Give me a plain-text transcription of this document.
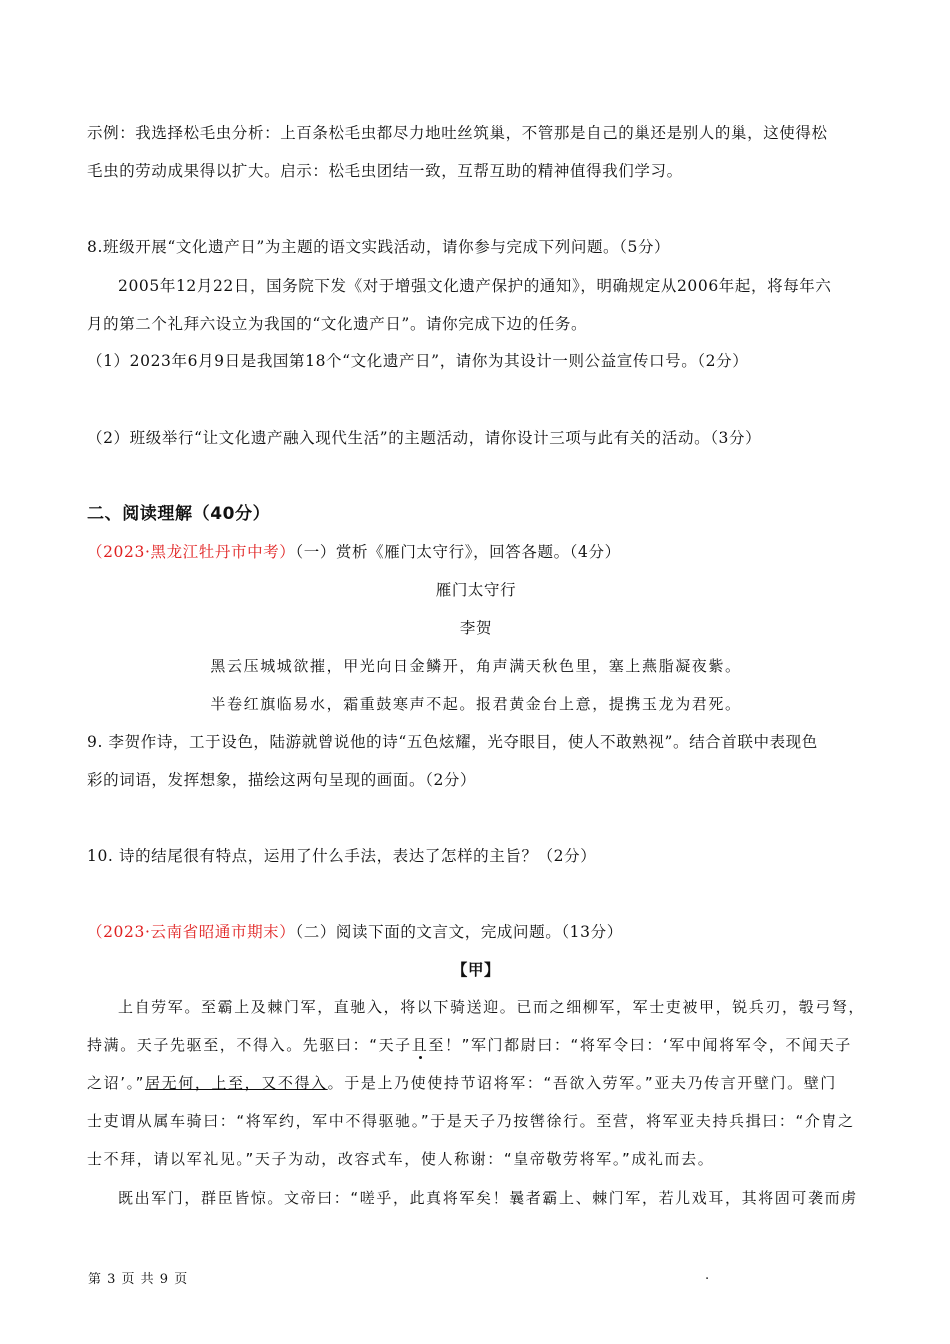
示例：我选择松毛虫分析：上百条松毛虫都尽力地吐丝筑巢，不管那是自己的巢还是别人的巢，这使得松
毛虫的劳动成果得以扩大。启示：松毛虫团结一致，互帮互助的精神值得我们学习。
8.班级开展“文化遗产日”为主题的语文实践活动，请你参与完成下列问题。（5分）
2005年12月22日，国务院下发《对于增强文化遗产保护的通知》，明确规定从2006年起，将每年六
月的第二个礼拜六设立为我国的“文化遗产日”。请你完成下边的任务。
（1）2023年6月9日是我国第18个“文化遗产日”，请你为其设计一则公益宣传口号。（2分）
（2）班级举行“让文化遗产融入现代生活”的主题活动，请你设计三项与此有关的活动。（3分）
二、阅读理解（40分）
（2023·黑龙江牡丹市中考）（一）赏析《雁门太守行》，回答各题。（4分）
雁门太守行
李贺
黑云压城城欲摧，甲光向日金鳞开，角声满天秋色里，塞上燕脂凝夜紫。
半卷红旗临易水，霜重鼓寒声不起。报君黄金台上意，提携玉龙为君死。
9. 李贺作诗，工于设色，陆游就曾说他的诗“五色炫耀，光夺眼目，使人不敢熟视”。结合首联中表现色
彩的词语，发挥想象，描绘这两句呈现的画面。（2分）
10. 诗的结尾很有特点，运用了什么手法，表达了怎样的主旨？（2分）
（2023·云南省昭通市期末）（二）阅读下面的文言文，完成问题。（13分）
【甲】
上自劳军。至霸上及棘门军，直驰入，将以下骑送迎。已而之细柳军，军士吏被甲，锐兵刃，彀弓弩，
持满。天子先驱至，不得入。先驱曰：“天子且至！”军门都尉曰：“将军令曰：‘军中闻将军令，不闻天子
之诏’。”居无何，上至，又不得入。于是上乃使使持节诏将军：“吾欲入劳军。”亚夫乃传言开壁门。壁门
士吏谓从属车骑曰：“将军约，军中不得驱驰。”于是天子乃按辔徐行。至营，将军亚夫持兵揖曰：“介胄之
士不拜，请以军礼见。”天子为动，改容式车，使人称谢：“皇帝敬劳将军。”成礼而去。
既出军门，群臣皆惊。文帝曰：“嗟乎，此真将军矣！曩者霸上、棘门军，若儿戏耳，其将固可袭而虏
第 3 页 共 9 页	.
